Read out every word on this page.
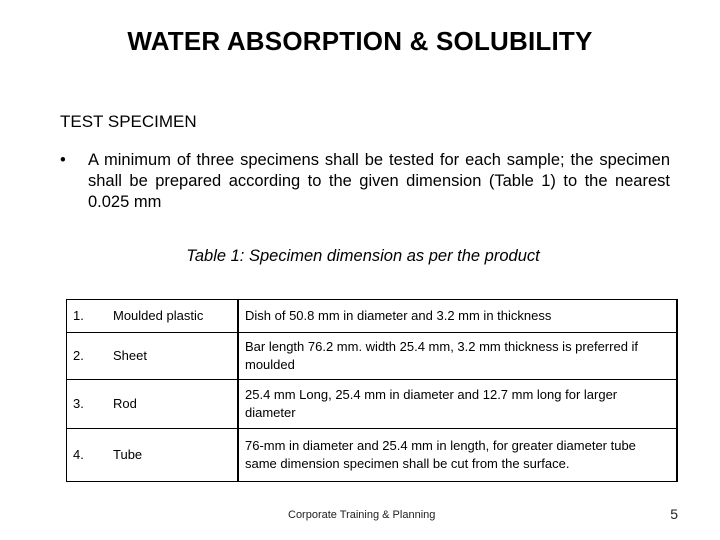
WATER ABSORPTION & SOLUBILITY
TEST SPECIMEN
•	A minimum of three specimens shall be tested for each sample; the specimen shall be prepared according to the given dimension (Table 1) to the nearest 0.025 mm
Table 1: Specimen dimension as per the product
1.	Moulded plastic	Dish of 50.8 mm in diameter and 3.2 mm in thickness
2.	Sheet	Bar length 76.2 mm. width 25.4 mm, 3.2 mm thickness is preferred if moulded
3.	Rod	25.4 mm Long, 25.4 mm in diameter and 12.7 mm long for larger diameter
4.	Tube	76-mm in diameter and 25.4 mm in length, for greater diameter tube same dimension specimen shall be cut from the surface.
Corporate Training & Planning	5
